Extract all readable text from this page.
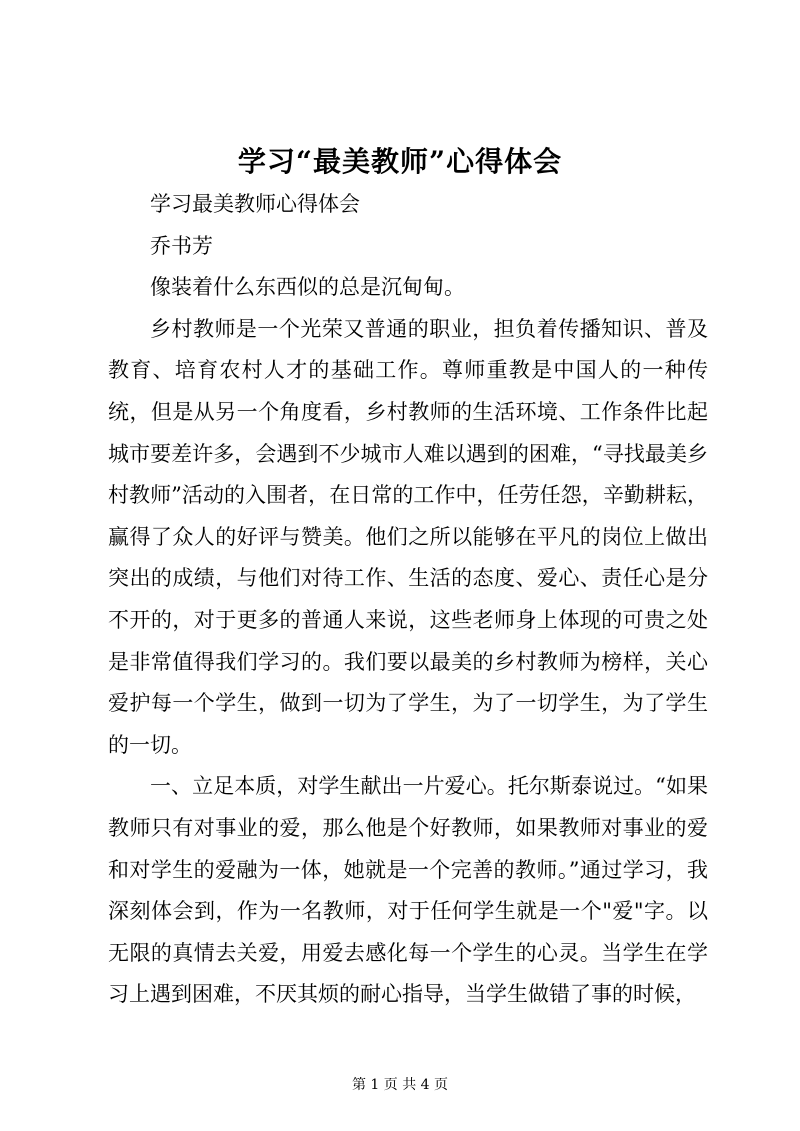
学习“最美教师”心得体会

学习最美教师心得体会

乔书芳

像装着什么东西似的总是沉甸甸。

乡村教师是一个光荣又普通的职业，担负着传播知识、普及教育、培育农村人才的基础工作。尊师重教是中国人的一种传统，但是从另一个角度看，乡村教师的生活环境、工作条件比起城市要差许多，会遇到不少城市人难以遇到的困难，“寻找最美乡村教师”活动的入围者，在日常的工作中，任劳任怨，辛勤耕耘，赢得了众人的好评与赞美。他们之所以能够在平凡的岗位上做出突出的成绩，与他们对待工作、生活的态度、爱心、责任心是分不开的，对于更多的普通人来说，这些老师身上体现的可贵之处是非常值得我们学习的。我们要以最美的乡村教师为榜样，关心爱护每一个学生，做到一切为了学生，为了一切学生，为了学生的一切。

一、立足本质，对学生献出一片爱心。托尔斯泰说过。“如果教师只有对事业的爱，那么他是个好教师，如果教师对事业的爱和对学生的爱融为一体，她就是一个完善的教师。”通过学习，我深刻体会到，作为一名教师，对于任何学生就是一个"爱"字。以无限的真情去关爱，用爱去感化每一个学生的心灵。当学生在学习上遇到困难，不厌其烦的耐心指导，当学生做错了事的时候，

第 1 页 共 4 页
